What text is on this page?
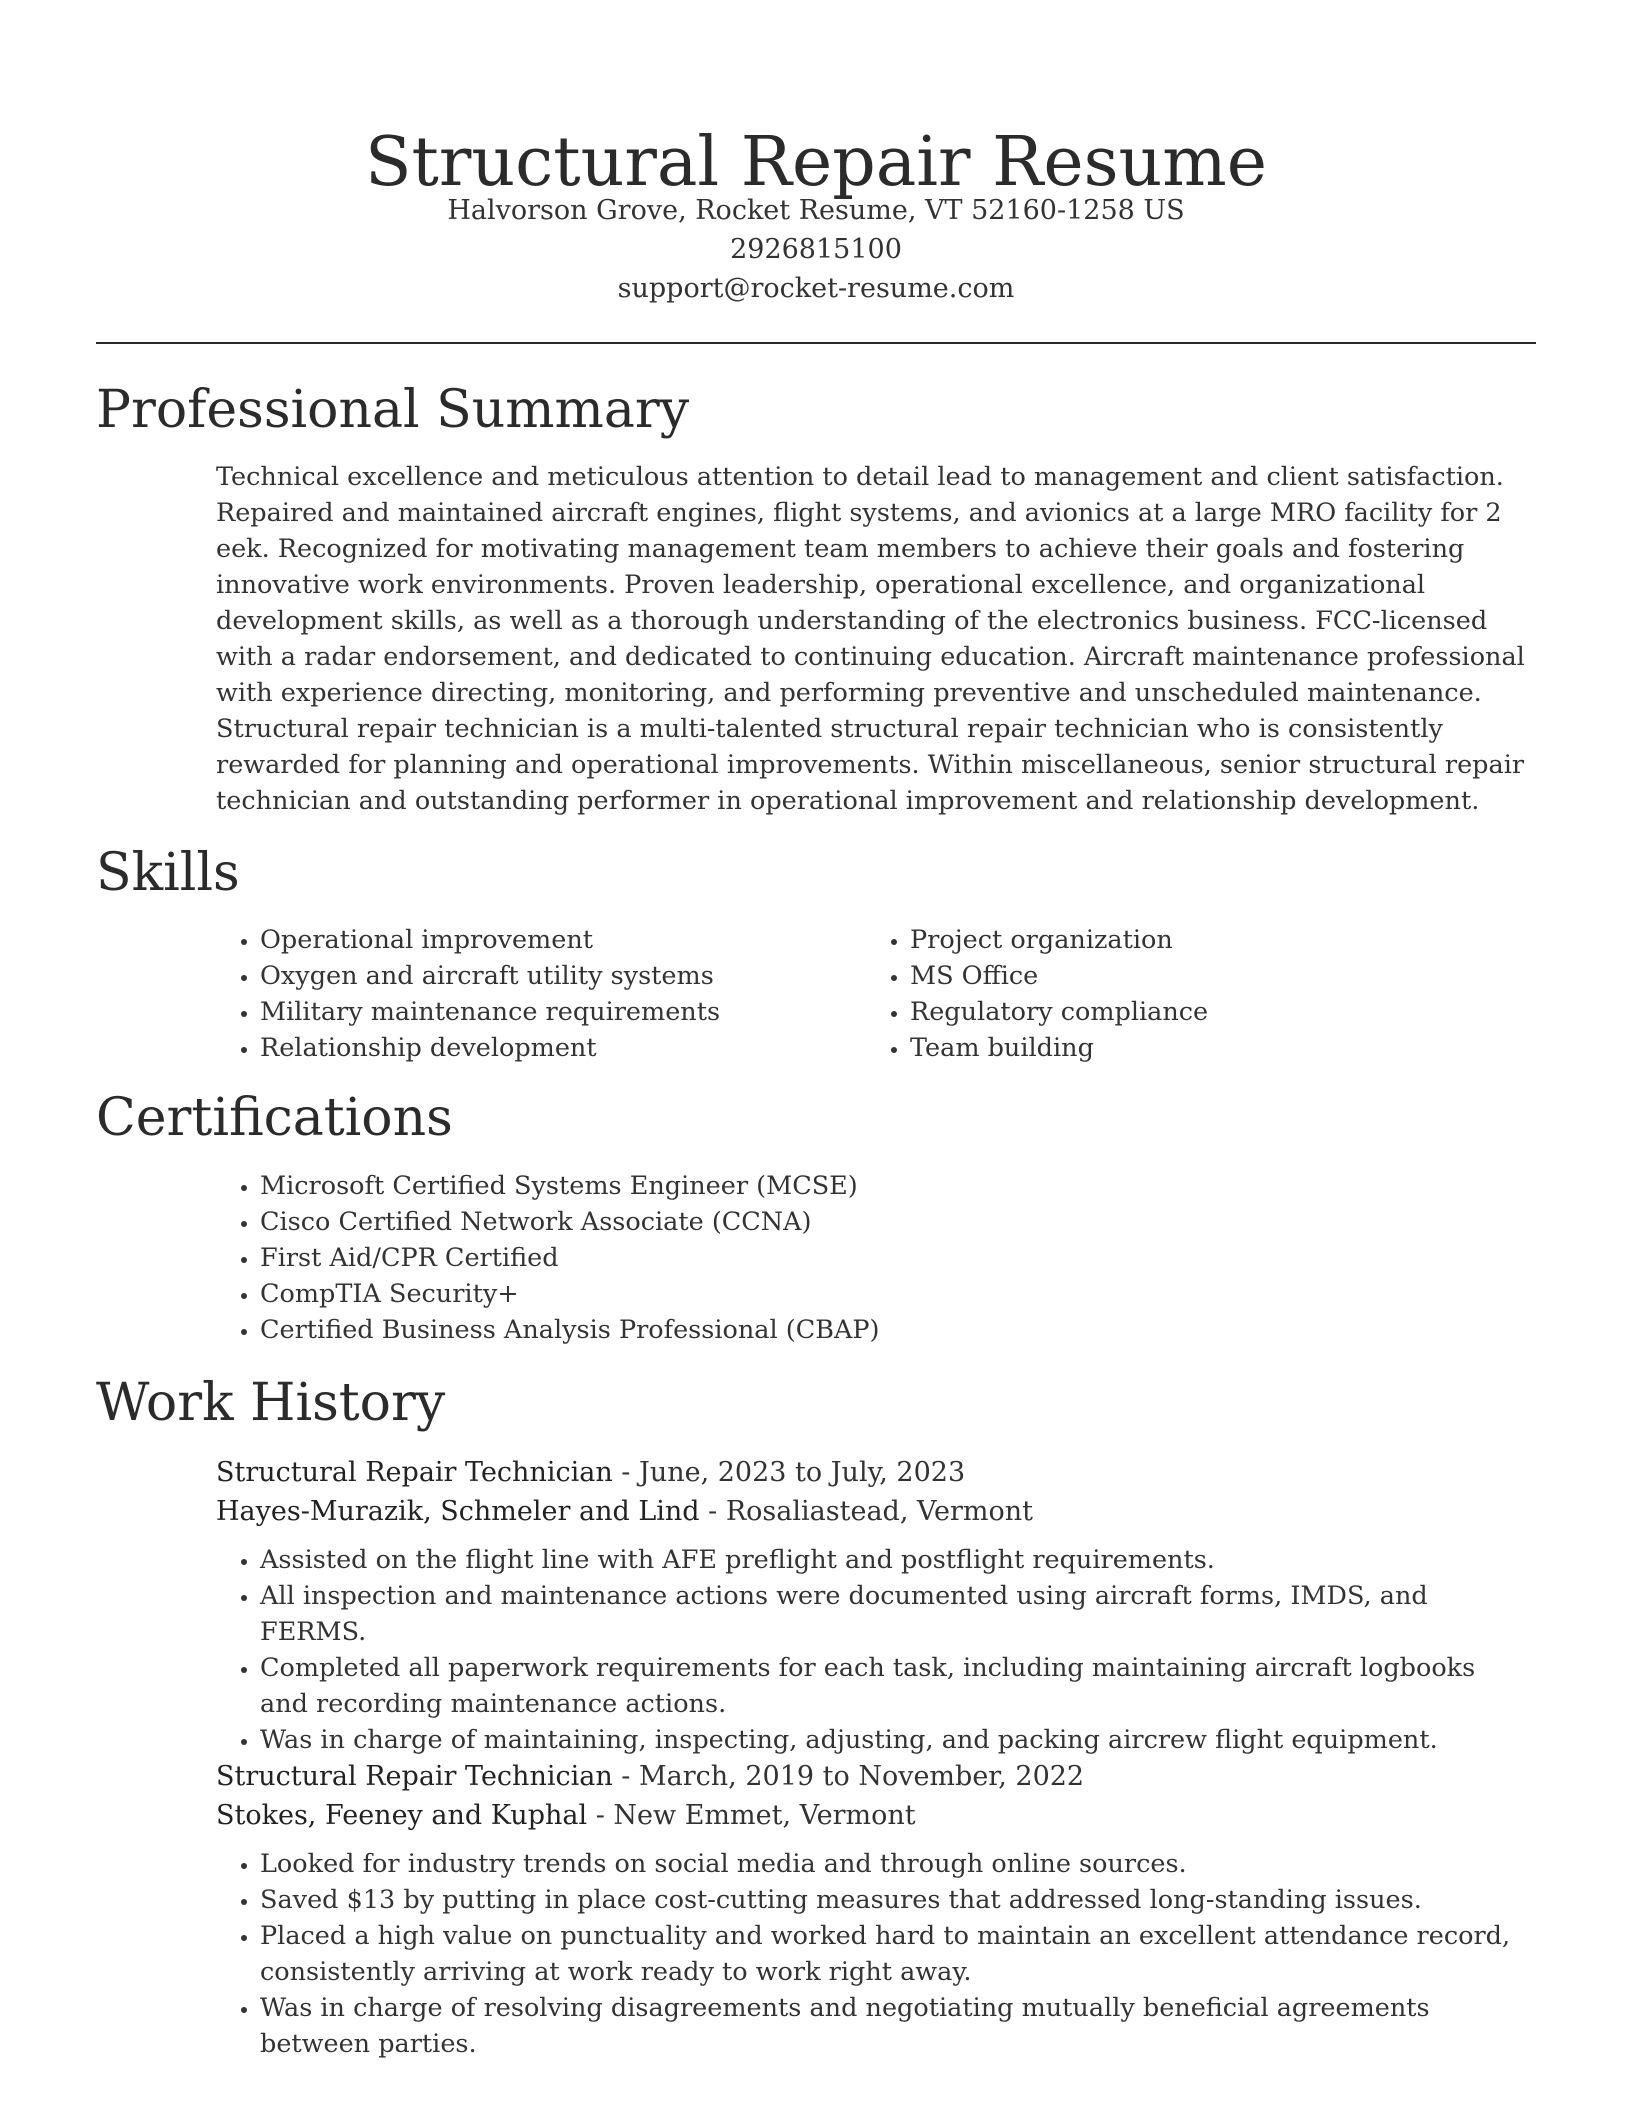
Structural Repair Resume
Halvorson Grove, Rocket Resume, VT 52160-1258 US
2926815100
support@rocket-resume.com
Professional Summary
Technical excellence and meticulous attention to detail lead to management and client satisfaction. Repaired and maintained aircraft engines, flight systems, and avionics at a large MRO facility for 2 eek. Recognized for motivating management team members to achieve their goals and fostering innovative work environments. Proven leadership, operational excellence, and organizational development skills, as well as a thorough understanding of the electronics business. FCC-licensed with a radar endorsement, and dedicated to continuing education. Aircraft maintenance professional with experience directing, monitoring, and performing preventive and unscheduled maintenance. Structural repair technician is a multi-talented structural repair technician who is consistently rewarded for planning and operational improvements. Within miscellaneous, senior structural repair technician and outstanding performer in operational improvement and relationship development.
Skills
• Operational improvement
• Oxygen and aircraft utility systems
• Military maintenance requirements
• Relationship development
• Project organization
• MS Office
• Regulatory compliance
• Team building
Certifications
• Microsoft Certified Systems Engineer (MCSE)
• Cisco Certified Network Associate (CCNA)
• First Aid/CPR Certified
• CompTIA Security+
• Certified Business Analysis Professional (CBAP)
Work History
Structural Repair Technician - June, 2023 to July, 2023
Hayes-Murazik, Schmeler and Lind - Rosaliastead, Vermont
• Assisted on the flight line with AFE preflight and postflight requirements.
• All inspection and maintenance actions were documented using aircraft forms, IMDS, and FERMS.
• Completed all paperwork requirements for each task, including maintaining aircraft logbooks and recording maintenance actions.
• Was in charge of maintaining, inspecting, adjusting, and packing aircrew flight equipment.
Structural Repair Technician - March, 2019 to November, 2022
Stokes, Feeney and Kuphal - New Emmet, Vermont
• Looked for industry trends on social media and through online sources.
• Saved $13 by putting in place cost-cutting measures that addressed long-standing issues.
• Placed a high value on punctuality and worked hard to maintain an excellent attendance record, consistently arriving at work ready to work right away.
• Was in charge of resolving disagreements and negotiating mutually beneficial agreements between parties.
